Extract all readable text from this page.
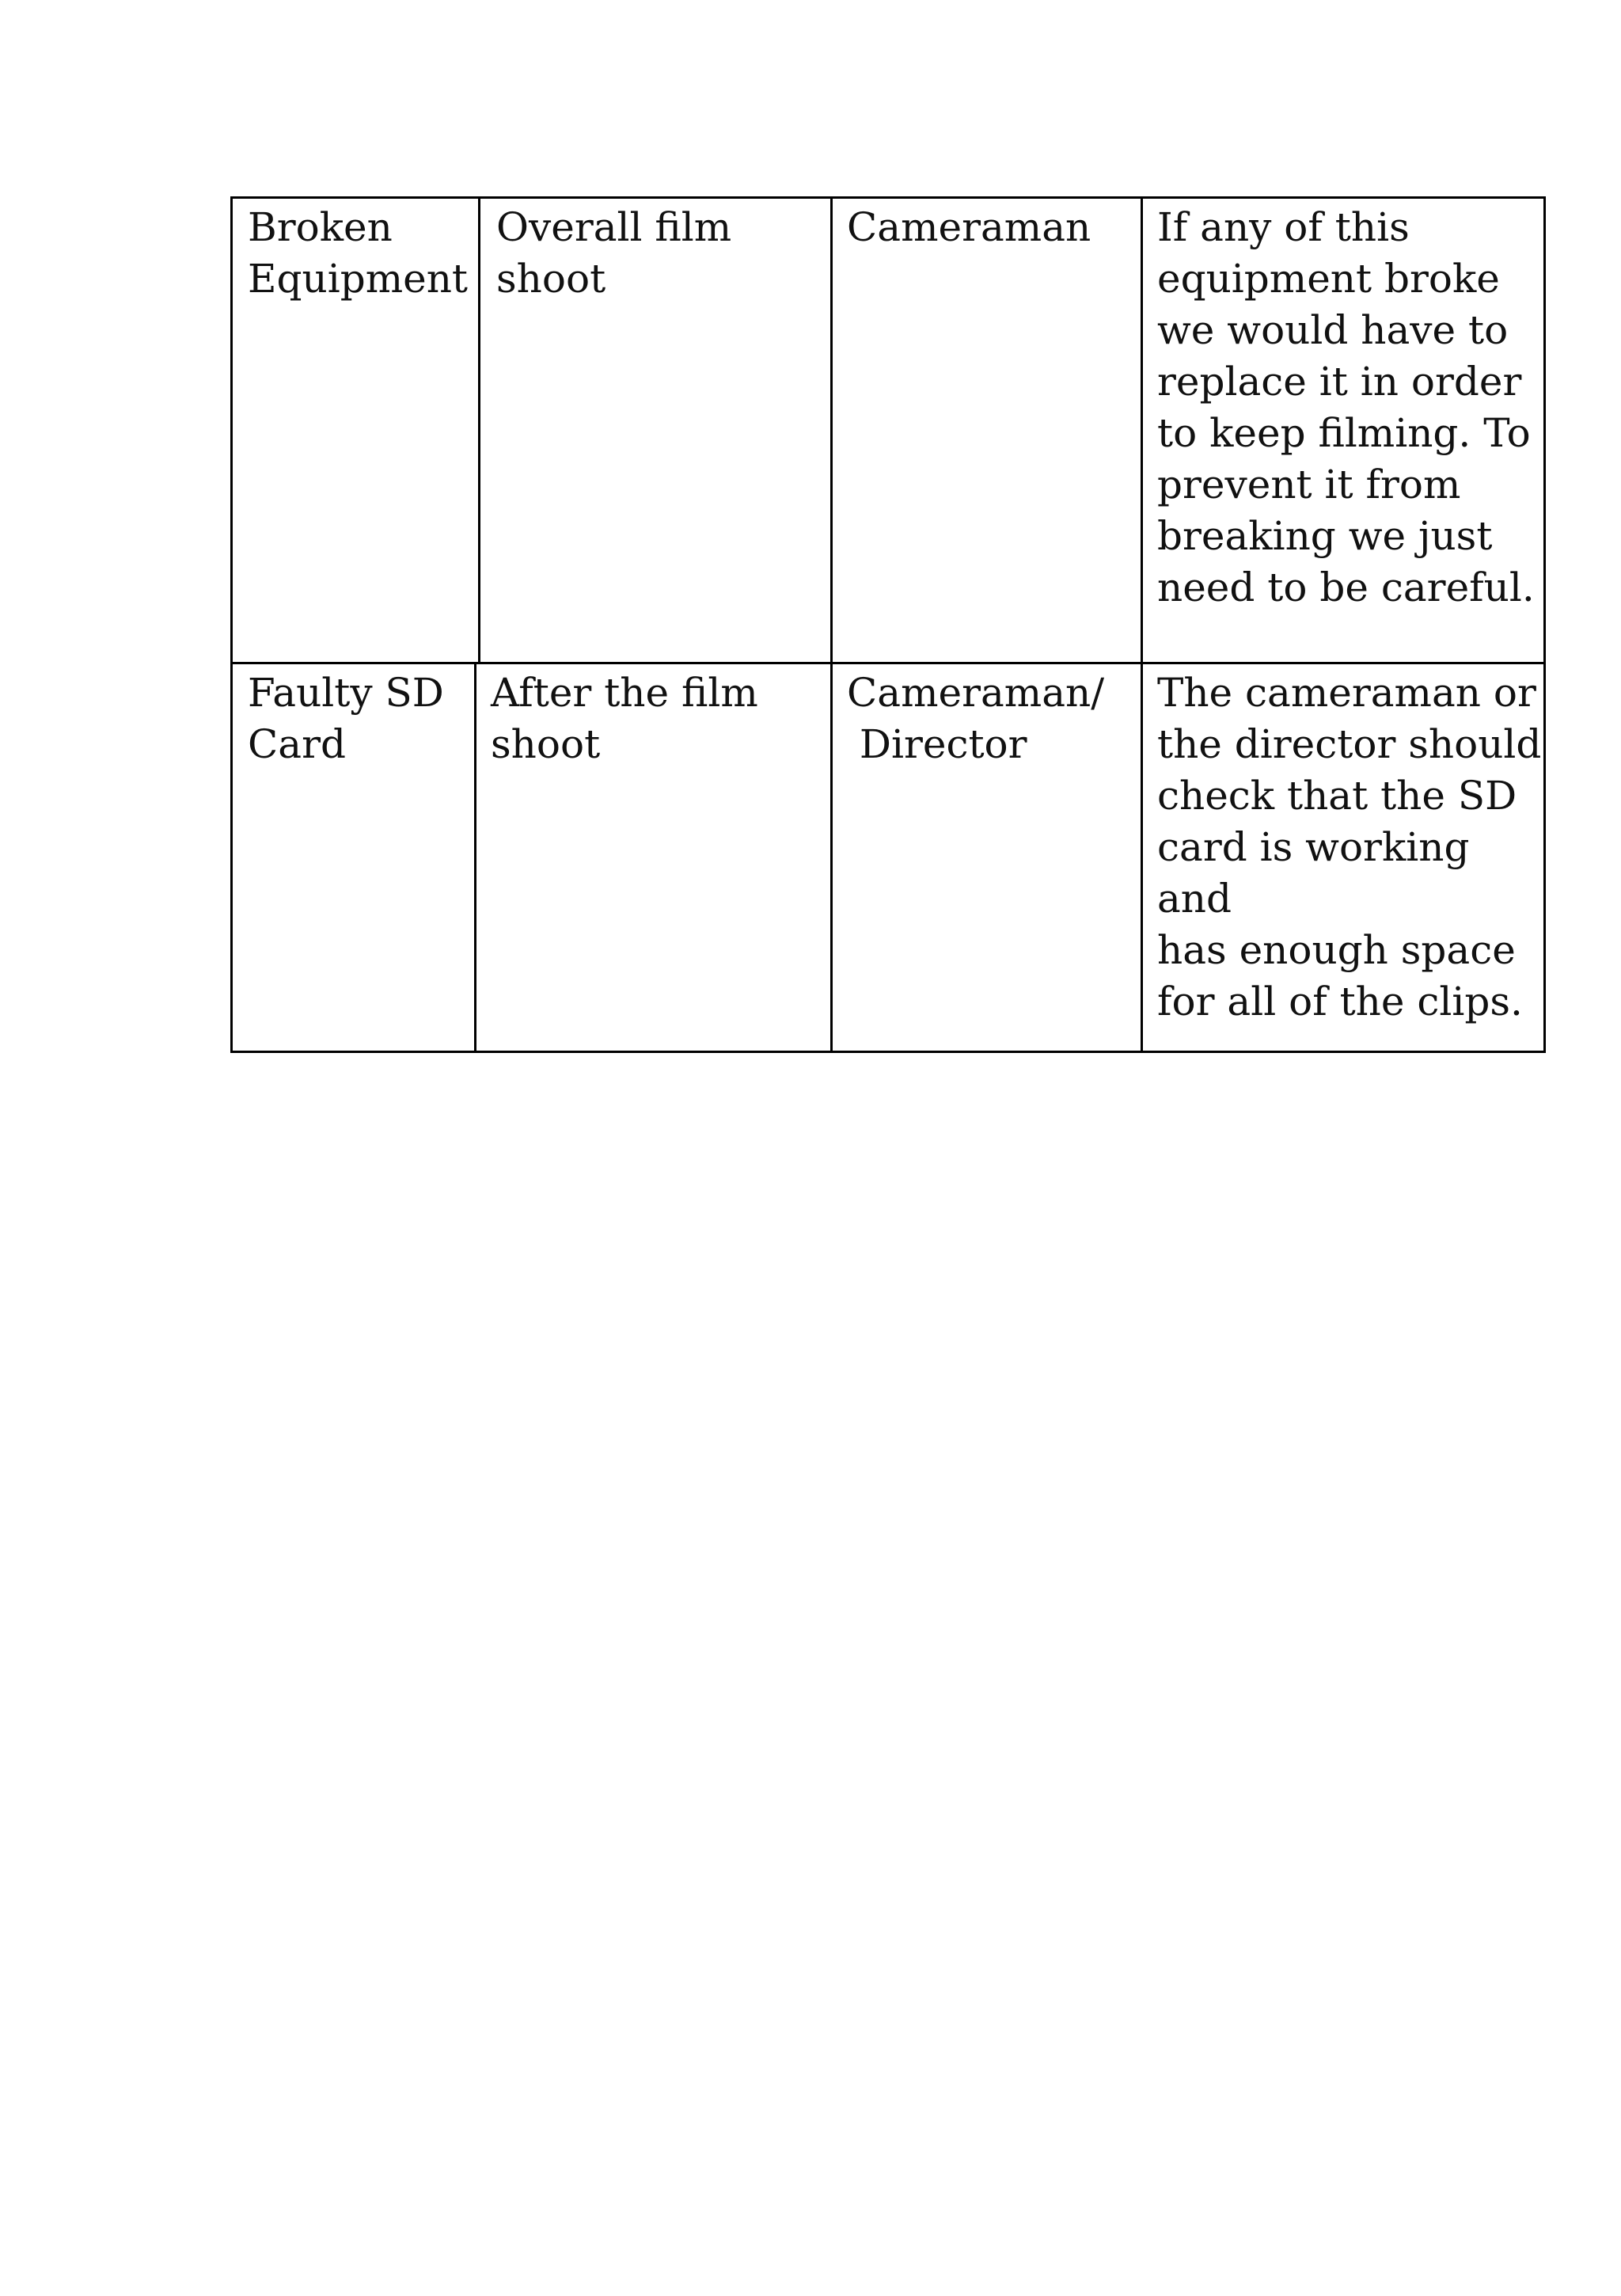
Broken
Equipment
Overall film
shoot
Cameraman	If any of this
equipment broke
we would have to
replace it in order
to keep filming. To
prevent it from
breaking we just
need to be careful.
Faulty SD
Card
After the film
shoot
Cameraman/
Director
The cameraman or
the director should
check that the SD
card is working and
has enough space
for all of the clips.
